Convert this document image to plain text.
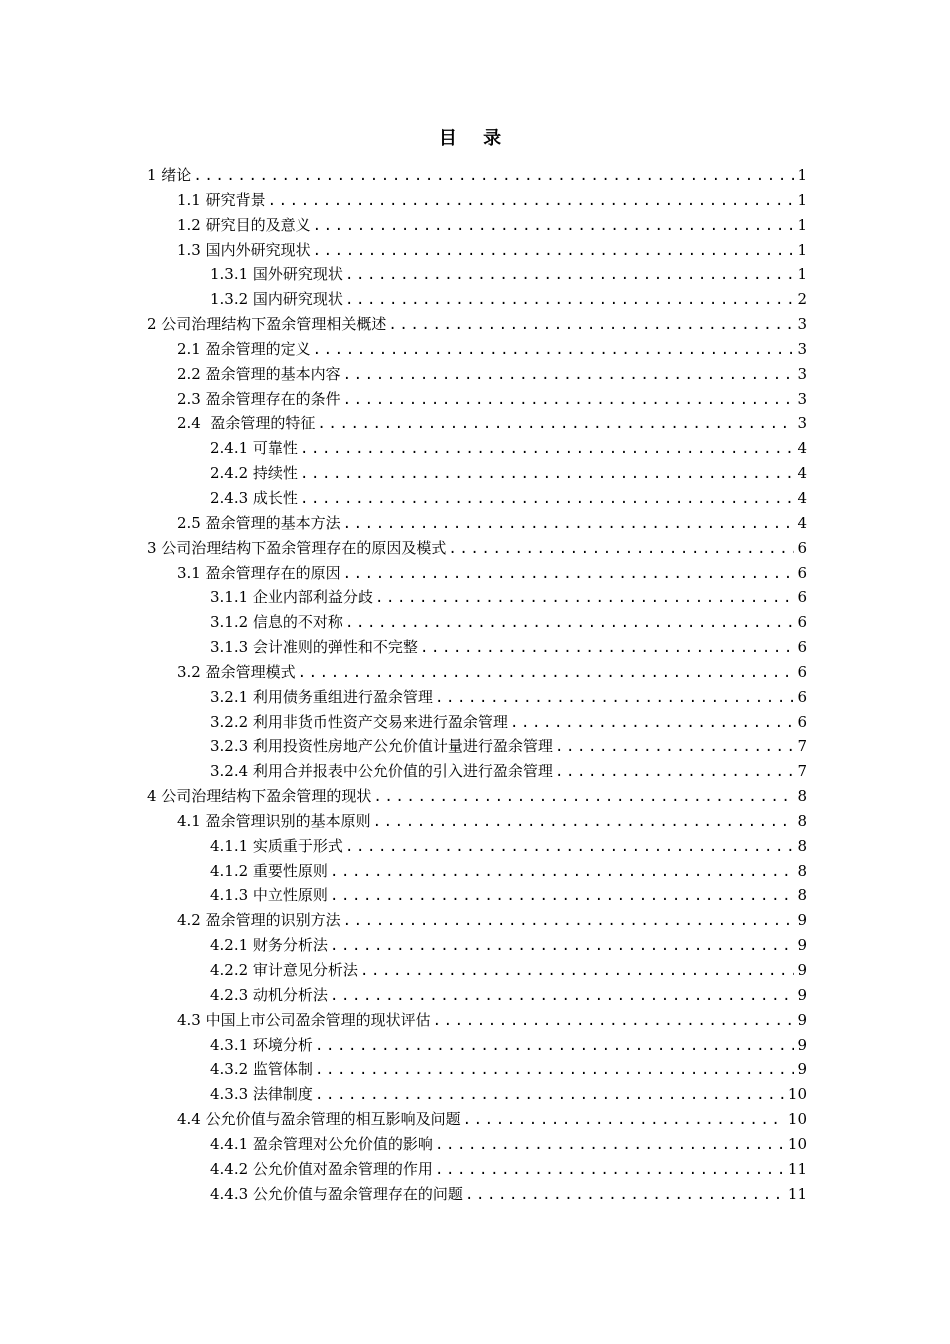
目 录
1 绪论 .....	1
1.1 研究背景 .....	1
1.2 研究目的及意义 .....	1
1.3 国内外研究现状 .....	1
1.3.1 国外研究现状 .....	1
1.3.2 国内研究现状 .....	2
2 公司治理结构下盈余管理相关概述 .....	3
2.1 盈余管理的定义 .....	3
2.2 盈余管理的基本内容 .....	3
2.3 盈余管理存在的条件 .....	3
2.4  盈余管理的特征 .....	3
2.4.1 可靠性 .....	4
2.4.2 持续性 .....	4
2.4.3 成长性 .....	4
2.5 盈余管理的基本方法 .....	4
3 公司治理结构下盈余管理存在的原因及模式 .....	6
3.1 盈余管理存在的原因 .....	6
3.1.1 企业内部利益分歧 .....	6
3.1.2 信息的不对称 .....	6
3.1.3 会计准则的弹性和不完整 .....	6
3.2 盈余管理模式 .....	6
3.2.1 利用债务重组进行盈余管理 .....	6
3.2.2 利用非货币性资产交易来进行盈余管理 .....	6
3.2.3 利用投资性房地产公允价值计量进行盈余管理 .....	7
3.2.4 利用合并报表中公允价值的引入进行盈余管理 .....	7
4 公司治理结构下盈余管理的现状 .....	8
4.1 盈余管理识别的基本原则 .....	8
4.1.1 实质重于形式 .....	8
4.1.2 重要性原则 .....	8
4.1.3 中立性原则 .....	8
4.2 盈余管理的识别方法 .....	9
4.2.1 财务分析法 .....	9
4.2.2 审计意见分析法 .....	9
4.2.3 动机分析法 .....	9
4.3 中国上市公司盈余管理的现状评估 .....	9
4.3.1 环境分析 .....	9
4.3.2 监管体制 .....	9
4.3.3 法律制度 .....	10
4.4 公允价值与盈余管理的相互影响及问题 .....	10
4.4.1 盈余管理对公允价值的影响 .....	10
4.4.2 公允价值对盈余管理的作用 .....	11
4.4.3 公允价值与盈余管理存在的问题 .....	11
